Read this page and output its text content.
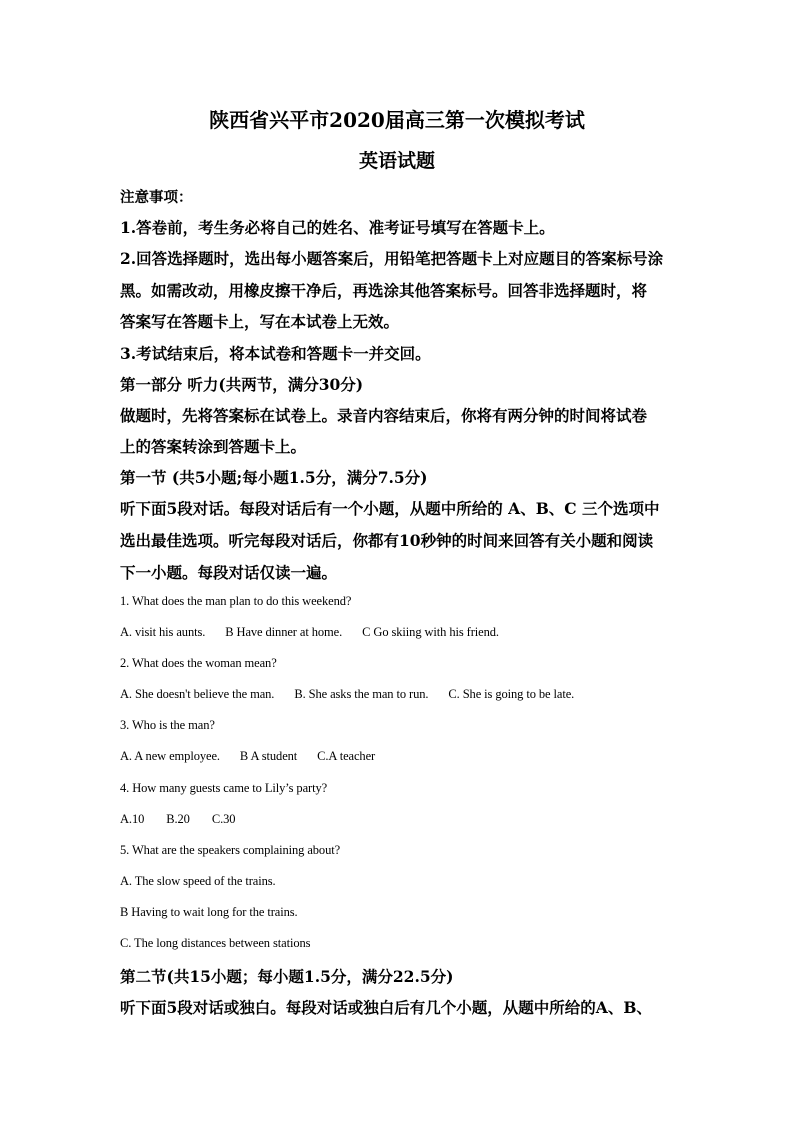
陕西省兴平市2020届高三第一次模拟考试
英语试题
注意事项：
1.答卷前，考生务必将自己的姓名、准考证号填写在答题卡上。
2.回答选择题时，选出每小题答案后，用铅笔把答题卡上对应题目的答案标号涂
黑。如需改动，用橡皮擦干净后，再选涂其他答案标号。回答非选择题时，将
答案写在答题卡上，写在本试卷上无效。
3.考试结束后，将本试卷和答题卡一并交回。
第一部分 听力(共两节，满分30分)
做题时，先将答案标在试卷上。录音内容结束后，你将有两分钟的时间将试卷
上的答案转涂到答题卡上。
第一节 (共5小题;每小题1.5分，满分7.5分)
听下面5段对话。每段对话后有一个小题，从题中所给的 A、B、C 三个选项中
选出最佳选项。听完每段对话后，你都有10秒钟的时间来回答有关小题和阅读
下一小题。每段对话仅读一遍。
1. What does the man plan to do this weekend?
A. visit his aunts. B Have dinner at home. C Go skiing with his friend.
2. What does the woman mean?
A. She doesn't believe the man. B. She asks the man to run. C. She is going to be late.
3. Who is the man?
A. A new employee. B A student C.A teacher
4. How many guests came to Lily’s party?
A.10 B.20 C.30
5. What are the speakers complaining about?
A. The slow speed of the trains.
B Having to wait long for the trains.
C. The long distances between stations
第二节(共15小题；每小题1.5分，满分22.5分)
听下面5段对话或独白。每段对话或独白后有几个小题，从题中所给的A、B、
